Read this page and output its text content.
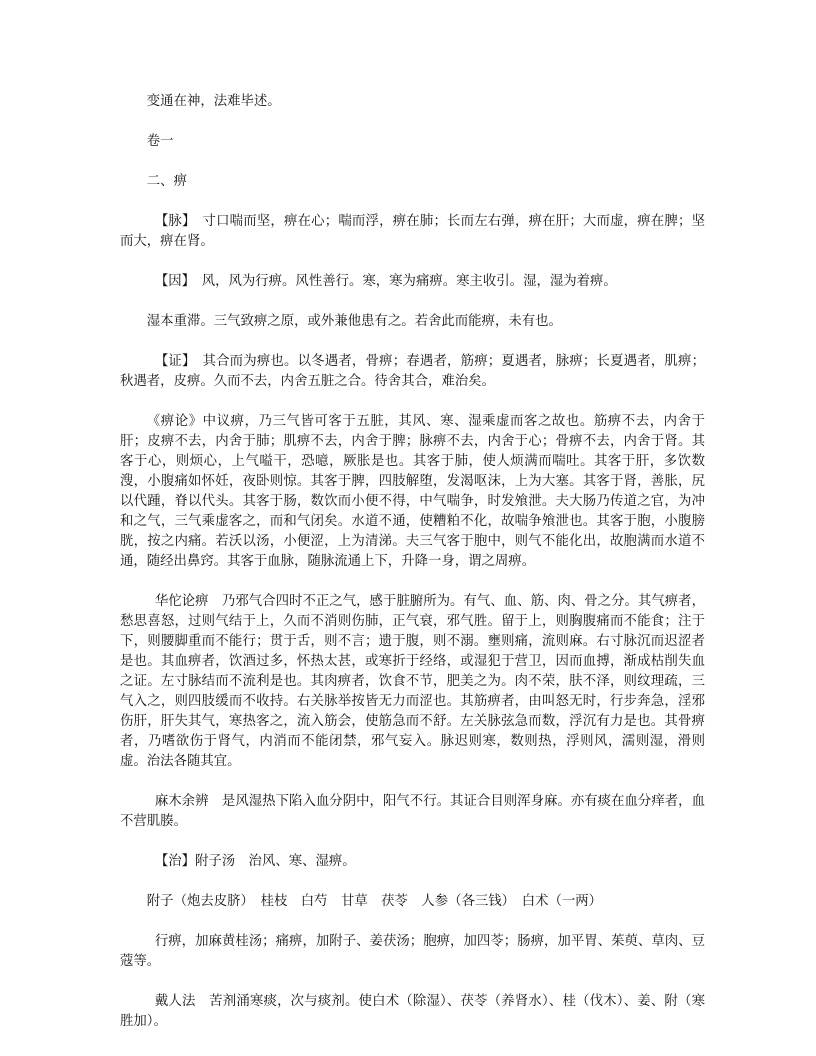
变通在神，法难毕述。

卷一

二、痹

【脉】　寸口喘而坚，痹在心；喘而浮，痹在肺；长而左右弹，痹在肝；大而虚，痹在脾；坚而大，痹在肾。

【因】　风，风为行痹。风性善行。寒，寒为痛痹。寒主收引。湿，湿为着痹。

湿本重滞。三气致痹之原，或外兼他患有之。若舍此而能痹，未有也。

【证】　其合而为痹也。以冬遇者，骨痹；春遇者，筋痹；夏遇者，脉痹；长夏遇者，肌痹；秋遇者，皮痹。久而不去，内舍五脏之合。待舍其合，难治矣。

《痹论》中议痹，乃三气皆可客于五脏，其风、寒、湿乘虚而客之故也。筋痹不去，内舍于肝；皮痹不去，内舍于肺；肌痹不去，内舍于脾；脉痹不去，内舍于心；骨痹不去，内舍于肾。其客于心，则烦心，上气嗌干，恐噫，厥胀是也。其客于肺，使人烦满而喘吐。其客于肝，多饮数溲，小腹痛如怀妊，夜卧则惊。其客于脾，四肢解堕，发渴呕沫，上为大塞。其客于肾，善胀，尻以代踵，脊以代头。其客于肠，数饮而小便不得，中气喘争，时发飧泄。夫大肠乃传道之官，为冲和之气，三气乘虚客之，而和气闭矣。水道不通，使糟粕不化，故喘争飧泄也。其客于胞，小腹膀胱，按之内痛。若沃以汤，小便涩，上为清涕。夫三气客于胞中，则气不能化出，故胞满而水道不通，随经出鼻窍。其客于血脉，随脉流通上下，升降一身，谓之周痹。

华佗论痹　乃邪气合四时不正之气，感于脏腑所为。有气、血、筋、肉、骨之分。其气痹者，愁思喜怒，过则气结于上，久而不消则伤肺，正气衰，邪气胜。留于上，则胸腹痛而不能食；注于下，则腰脚重而不能行；贯于舌，则不言；遗于腹，则不溺。壅则痛，流则麻。右寸脉沉而迟涩者是也。其血痹者，饮酒过多，怀热太甚，或寒折于经络，或湿犯于营卫，因而血搏，渐成枯削失血之证。左寸脉结而不流利是也。其肉痹者，饮食不节，肥美之为。肉不荣，肤不泽，则纹理疏，三气入之，则四肢缓而不收持。右关脉举按皆无力而涩也。其筋痹者，由叫怒无时，行步奔急，淫邪伤肝，肝失其气，寒热客之，流入筋会，使筋急而不舒。左关脉弦急而数，浮沉有力是也。其骨痹者，乃嗜欲伤于肾气，内消而不能闭禁，邪气妄入。脉迟则寒，数则热，浮则风，濡则湿，滑则虚。治法各随其宜。

麻木余辨　是风湿热下陷入血分阴中，阳气不行。其证合目则浑身麻。亦有痰在血分痒者，血不营肌腠。

【治】附子汤　治风、寒、湿痹。

附子（炮去皮脐）　桂枝　白芍　甘草　茯苓　人参（各三钱）　白术（一两）

行痹，加麻黄桂汤；痛痹，加附子、姜茯汤；胞痹，加四苓；肠痹，加平胃、茱萸、草肉、豆蔻等。

戴人法　苦剂涌寒痰，次与痰剂。使白术（除湿）、茯苓（养肾水）、桂（伐木）、姜、附（寒胜加）。
